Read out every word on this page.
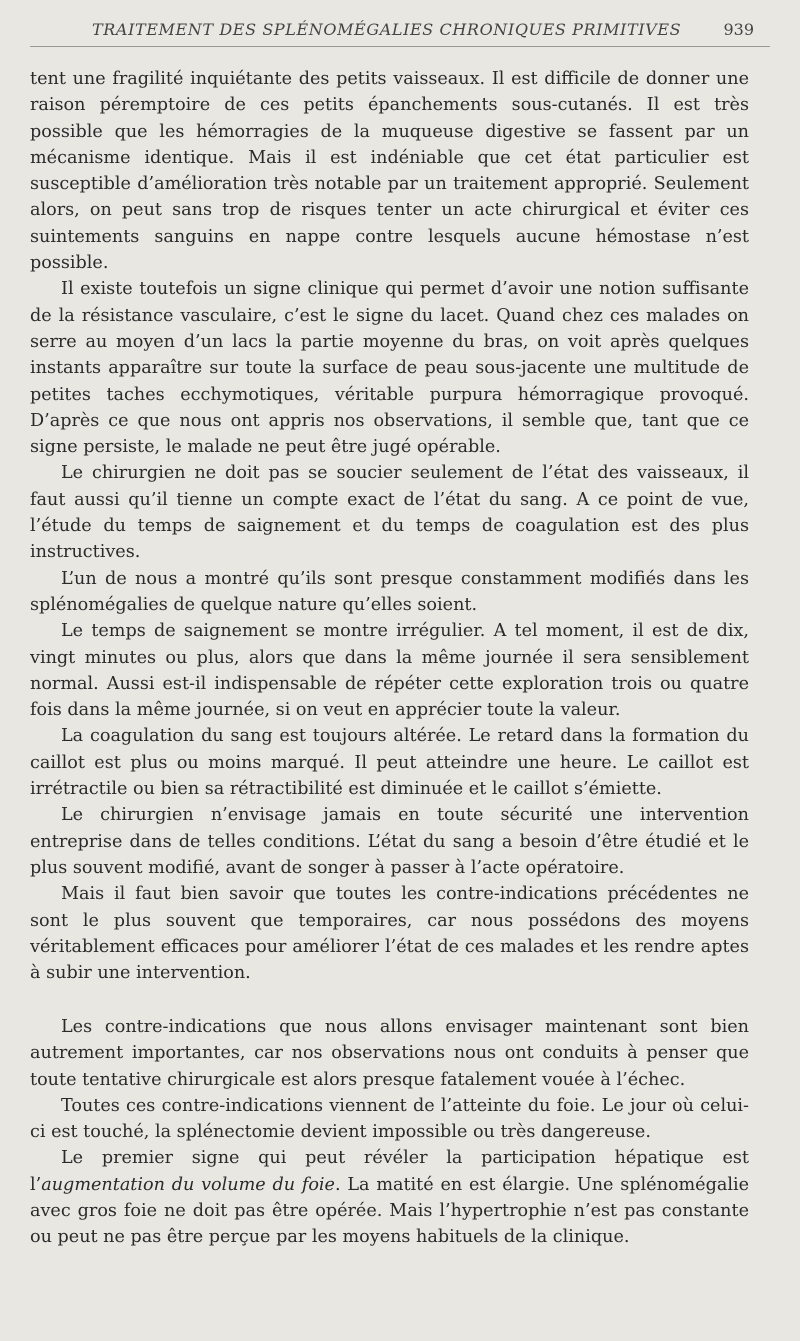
TRAITEMENT DES SPLÉNOMÉGALIES CHRONIQUES PRIMITIVES	939

tent une fragilité inquiétante des petits vaisseaux. Il est difficile de donner une raison péremptoire de ces petits épanchements sous-cutanés. Il est très possible que les hémorragies de la muqueuse digestive se fassent par un mécanisme identique. Mais il est indéniable que cet état particulier est susceptible d’amélioration très notable par un traitement approprié. Seulement alors, on peut sans trop de risques tenter un acte chirurgical et éviter ces suintements sanguins en nappe contre lesquels aucune hémostase n’est possible.

Il existe toutefois un signe clinique qui permet d’avoir une notion suffisante de la résistance vasculaire, c’est le signe du lacet. Quand chez ces malades on serre au moyen d’un lacs la partie moyenne du bras, on voit après quelques instants apparaître sur toute la surface de peau sous-jacente une multitude de petites taches ecchymotiques, véritable purpura hémorragique provoqué. D’après ce que nous ont appris nos observations, il semble que, tant que ce signe persiste, le malade ne peut être jugé opérable.

Le chirurgien ne doit pas se soucier seulement de l’état des vaisseaux, il faut aussi qu’il tienne un compte exact de l’état du sang. A ce point de vue, l’étude du temps de saignement et du temps de coagulation est des plus instructives.

L’un de nous a montré qu’ils sont presque constamment modifiés dans les splénomégalies de quelque nature qu’elles soient.

Le temps de saignement se montre irrégulier. A tel moment, il est de dix, vingt minutes ou plus, alors que dans la même journée il sera sensiblement normal. Aussi est-il indispensable de répéter cette exploration trois ou quatre fois dans la même journée, si on veut en apprécier toute la valeur.

La coagulation du sang est toujours altérée. Le retard dans la formation du caillot est plus ou moins marqué. Il peut atteindre une heure. Le caillot est irrétractile ou bien sa rétractibilité est diminuée et le caillot s’émiette.

Le chirurgien n’envisage jamais en toute sécurité une intervention entreprise dans de telles conditions. L’état du sang a besoin d’être étudié et le plus souvent modifié, avant de songer à passer à l’acte opératoire.

Mais il faut bien savoir que toutes les contre-indications précédentes ne sont le plus souvent que temporaires, car nous possédons des moyens véritablement efficaces pour améliorer l’état de ces malades et les rendre aptes à subir une intervention.

Les contre-indications que nous allons envisager maintenant sont bien autrement importantes, car nos observations nous ont conduits à penser que toute tentative chirurgicale est alors presque fatalement vouée à l’échec.

Toutes ces contre-indications viennent de l’atteinte du foie. Le jour où celui-ci est touché, la splénectomie devient impossible ou très dangereuse.

Le premier signe qui peut révéler la participation hépatique est l’augmentation du volume du foie. La matité en est élargie. Une splénomégalie avec gros foie ne doit pas être opérée. Mais l’hypertrophie n’est pas constante ou peut ne pas être perçue par les moyens habituels de la clinique.
